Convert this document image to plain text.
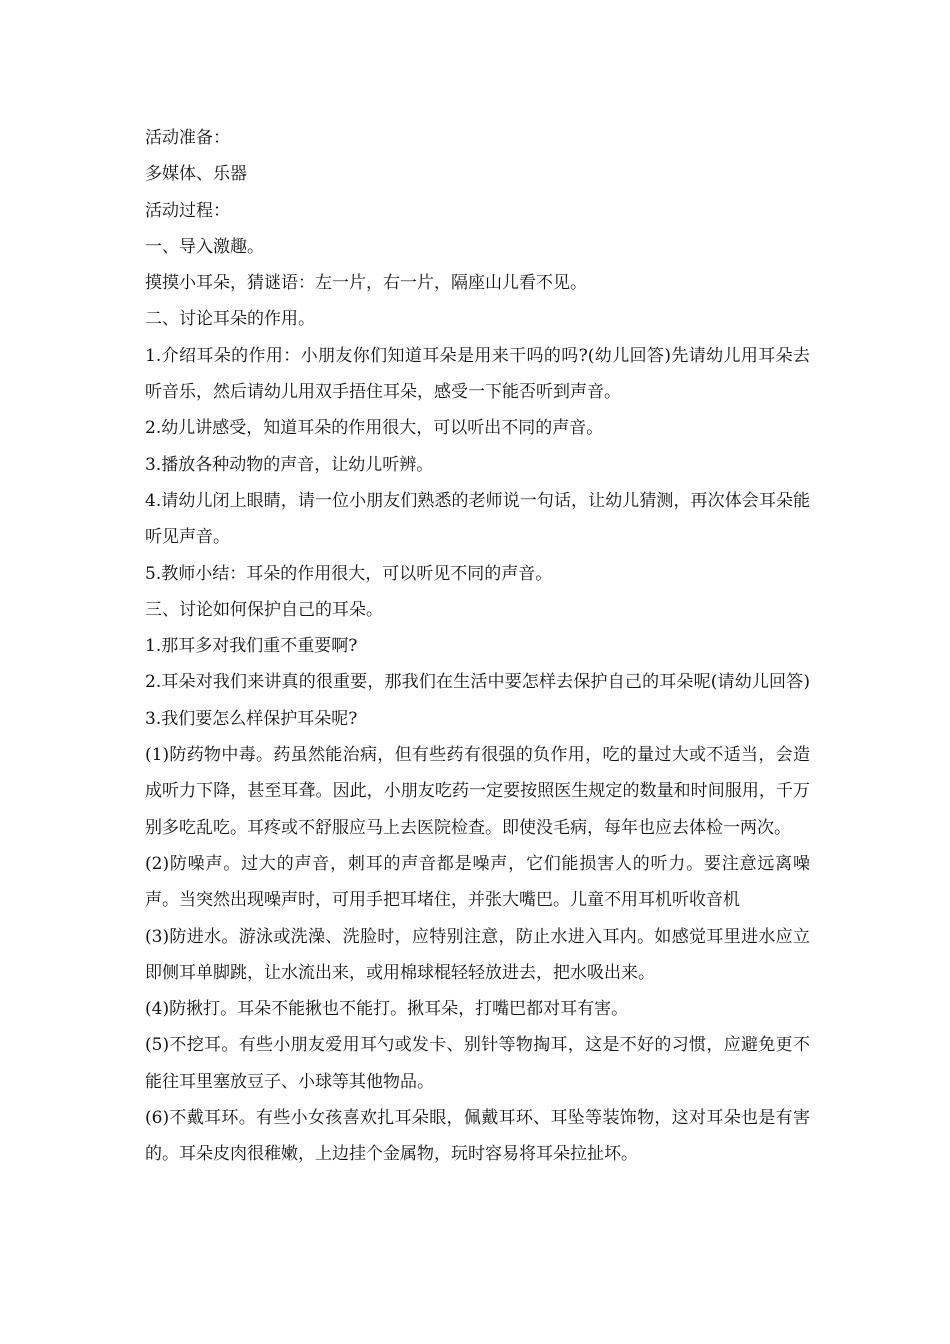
活动准备：

多媒体、乐器

活动过程：

一、导入激趣。

摸摸小耳朵，猜谜语：左一片，右一片，隔座山儿看不见。

二、讨论耳朵的作用。

1.介绍耳朵的作用：小朋友你们知道耳朵是用来干吗的吗?(幼儿回答)先请幼儿用耳朵去听音乐，然后请幼儿用双手捂住耳朵，感受一下能否听到声音。

2.幼儿讲感受，知道耳朵的作用很大，可以听出不同的声音。

3.播放各种动物的声音，让幼儿听辨。

4.请幼儿闭上眼睛，请一位小朋友们熟悉的老师说一句话，让幼儿猜测，再次体会耳朵能听见声音。

5.教师小结：耳朵的作用很大，可以听见不同的声音。

三、讨论如何保护自己的耳朵。

1.那耳多对我们重不重要啊?

2.耳朵对我们来讲真的很重要，那我们在生活中要怎样去保护自己的耳朵呢(请幼儿回答)3.我们要怎么样保护耳朵呢?

(1)防药物中毒。药虽然能治病，但有些药有很强的负作用，吃的量过大或不适当，会造成听力下降，甚至耳聋。因此，小朋友吃药一定要按照医生规定的数量和时间服用，千万别多吃乱吃。耳疼或不舒服应马上去医院检查。即使没毛病，每年也应去体检一两次。

(2)防噪声。过大的声音，刺耳的声音都是噪声，它们能损害人的听力。要注意远离噪声。当突然出现噪声时，可用手把耳堵住，并张大嘴巴。儿童不用耳机听收音机

(3)防进水。游泳或洗澡、洗脸时，应特别注意，防止水进入耳内。如感觉耳里进水应立即侧耳单脚跳，让水流出来，或用棉球棍轻轻放进去，把水吸出来。

(4)防揪打。耳朵不能揪也不能打。揪耳朵，打嘴巴都对耳有害。

(5)不挖耳。有些小朋友爱用耳勺或发卡、别针等物掏耳，这是不好的习惯，应避免更不能往耳里塞放豆子、小球等其他物品。

(6)不戴耳环。有些小女孩喜欢扎耳朵眼，佩戴耳环、耳坠等装饰物，这对耳朵也是有害的。耳朵皮肉很稚嫩，上边挂个金属物，玩时容易将耳朵拉扯坏。
